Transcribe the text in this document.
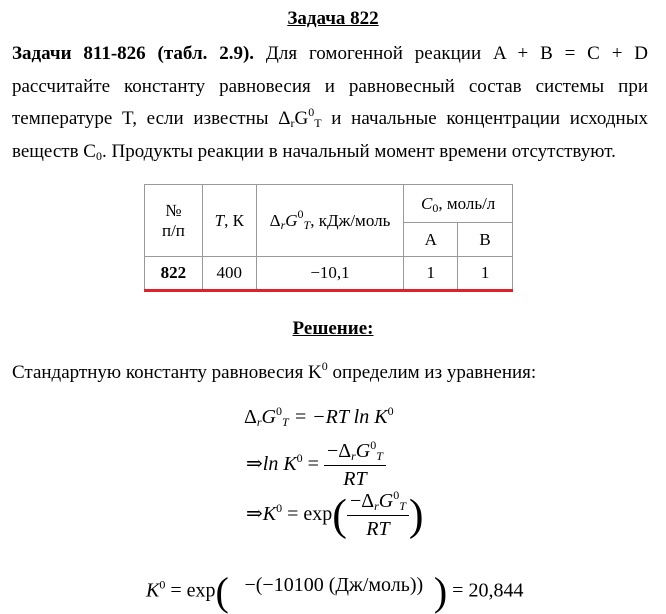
Задача 822
Задачи 811-826 (табл. 2.9). Для гомогенной реакции A + B = C + D рассчитайте константу равновесия и равновесный состав системы при температуре T, если известны $\Delta_rG^0_T$ и начальные концентрации исходных веществ $C_0$. Продукты реакции в начальный момент времени отсутствуют.
№
п/п	T, К	$\Delta_rG^0_T$, кДж/моль	$C_0$, моль/л	
			A	B
822	400	−10,1	1	1
Решение:
Стандартную константу равновесия $K^0$ определим из уравнения:
$\Delta_rG^0_T = -RT$ $\ln K^0$
⇒ln $K^0 = \frac{-\Delta_rG^0_T}{RT}$
$\Rightarrow K^0 = \exp( \frac{-\Delta_rG^0_T}{RT}$ )
$K^0 = \exp( -(-10100$ (Дж/моль)) ) = 20,844
